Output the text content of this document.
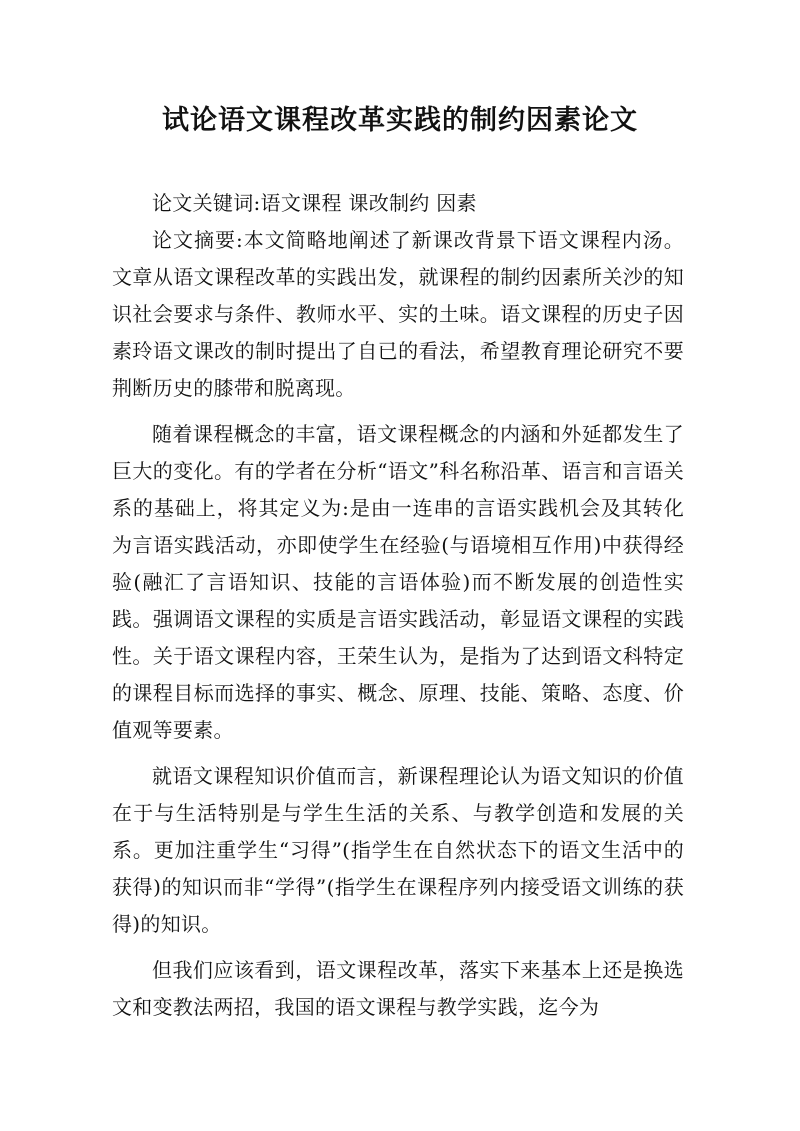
试论语文课程改革实践的制约因素论文

论文关键词:语文课程 课改制约 因素

论文摘要:本文简略地阐述了新课改背景下语文课程内汤。文章从语文课程改革的实践出发，就课程的制约因素所关沙的知识社会要求与条件、教师水平、实的土味。语文课程的历史子因素玲语文课改的制时提出了自已的看法，希望教育理论研究不要荆断历史的膝带和脱离现。

随着课程概念的丰富，语文课程概念的内涵和外延都发生了巨大的变化。有的学者在分析“语文”科名称沿革、语言和言语关系的基础上，将其定义为:是由一连串的言语实践机会及其转化为言语实践活动，亦即使学生在经验(与语境相互作用)中获得经验(融汇了言语知识、技能的言语体验)而不断发展的创造性实践。强调语文课程的实质是言语实践活动，彰显语文课程的实践性。关于语文课程内容，王荣生认为，是指为了达到语文科特定的课程目标而选择的事实、概念、原理、技能、策略、态度、价值观等要素。

就语文课程知识价值而言，新课程理论认为语文知识的价值在于与生活特别是与学生生活的关系、与教学创造和发展的关系。更加注重学生“习得”(指学生在自然状态下的语文生活中的获得)的知识而非“学得”(指学生在课程序列内接受语文训练的获得)的知识。

但我们应该看到，语文课程改革，落实下来基本上还是换选文和变教法两招，我国的语文课程与教学实践，迄今为
